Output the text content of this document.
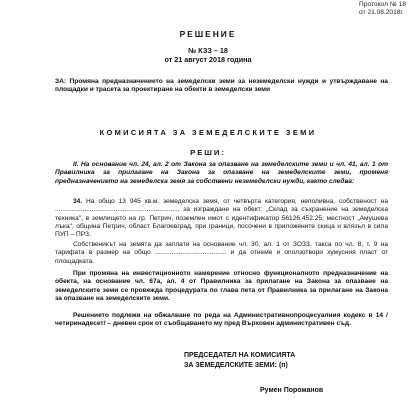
Протокол № 18
от 21.08.2018г.
РЕШЕНИЕ
№ КЗЗ – 18
от 21 август 2018 година
ЗА: Промяна предназначението на земеделски земи за неземеделски нужди и утвърждаване на площадки и трасета за проектиране на обекти в земеделски земи
КОМИСИЯТА ЗА ЗЕМЕДЕЛСКИТЕ ЗЕМИ
РЕШИ:
II. На основание чл. 24, ал. 2 от Закона за опазване на земеделските земи и чл. 41, ал. 1 от Правилника за прилагане на Закона за опазване на земеделските земи, променя предназначението на земеделска земя за собствени неземеделски нужди, както следва:
34. На общо 13 945 кв.м. земеделска земя, от четвърта категория, неполивна, собственост на ..................................................................., за изграждане на обект: „Склад за съхранение на земеделска техника", в землището на гр. Петрич, поземлен имот с идентификатор 56126.452.25, местност „Амушева лъка", община Петрич, област Благоевград, при граници, посочени в приложените скица и влязъл в сила ПУП – ПРЗ.
Собственикът на земята да заплати на основание чл. 30, ал. 1 от ЗОЗЗ, такса по чл. 8, т. 9 на тарифата в размер на общо ....................................... и да отнеме и оползотвори хумусния пласт от площадката.
При промяна на инвестиционното намерение относно функционалното предназначение на обекта, на основание чл. 67а, ал. 4 от Правилника за прилагане на Закона за опазване на земеделските земи се провежда процедурата по глава пета от Правилника за прилагане на Закона за опазване на земеделските земи.
Решението подлежи на обжалване по реда на Административнопроцесуалния кодекс в 14 /четиринадесет/ – дневен срок от съобщаването му пред Върховен административен съд.
ПРЕДСЕДАТЕЛ НА КОМИСИЯТА
ЗА ЗЕМЕДЕЛСКИТЕ ЗЕМИ: (п)
Румен Порожанов
